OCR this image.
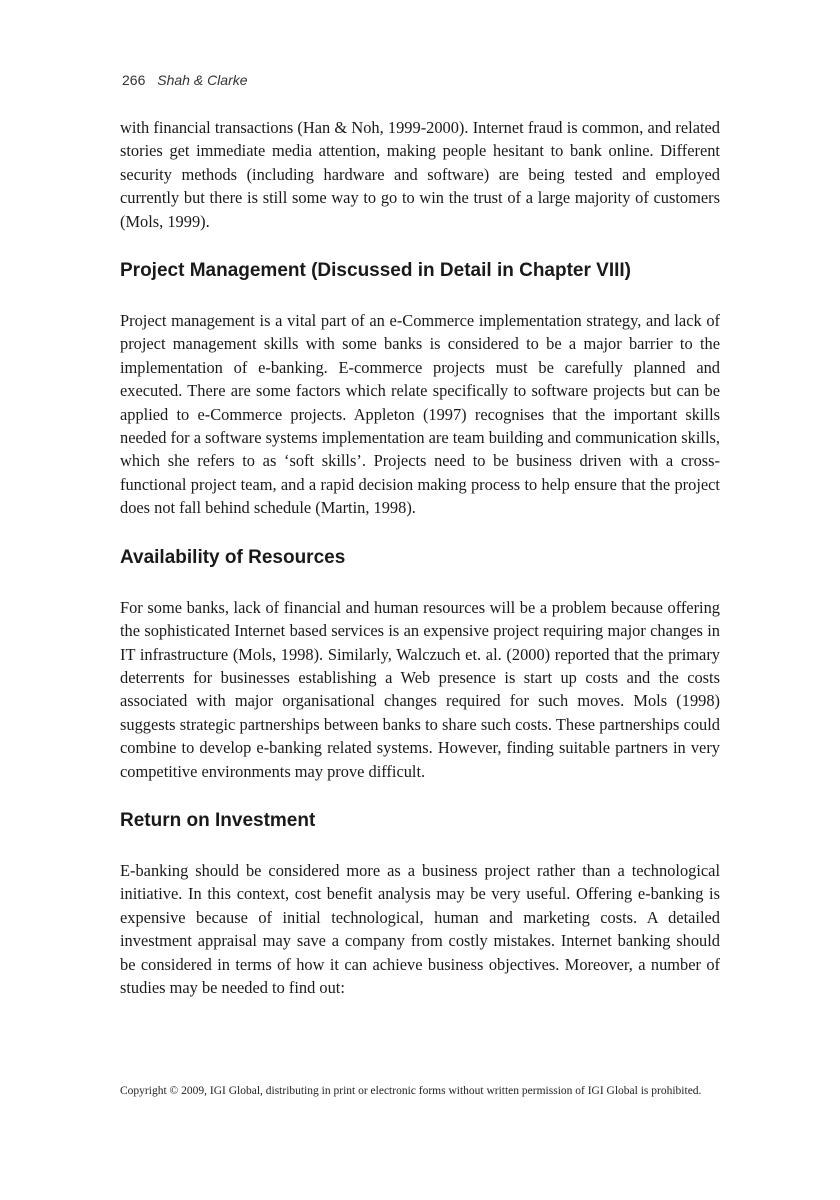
266 Shah & Clarke

with financial transactions (Han & Noh, 1999-2000). Internet fraud is common, and related stories get immediate media attention, making people hesitant to bank online. Different security methods (including hardware and software) are being tested and employed currently but there is still some way to go to win the trust of a large majority of customers (Mols, 1999).

Project Management (Discussed in Detail in Chapter VIII)

Project management is a vital part of an e-Commerce implementation strategy, and lack of project management skills with some banks is considered to be a major barrier to the implementation of e-banking. E-commerce projects must be carefully planned and executed. There are some factors which relate specifically to software projects but can be applied to e-Commerce projects. Appleton (1997) recognises that the important skills needed for a software systems implementation are team building and communication skills, which she refers to as ‘soft skills’. Projects need to be business driven with a cross-functional project team, and a rapid decision making process to help ensure that the project does not fall behind schedule (Martin, 1998).

Availability of Resources

For some banks, lack of financial and human resources will be a problem because offering the sophisticated Internet based services is an expensive project requiring major changes in IT infrastructure (Mols, 1998). Similarly, Walczuch et. al. (2000) reported that the primary deterrents for businesses establishing a Web presence is start up costs and the costs associated with major organisational changes required for such moves. Mols (1998) suggests strategic partnerships between banks to share such costs. These partnerships could combine to develop e-banking related systems. However, finding suitable partners in very competitive environments may prove difficult.

Return on Investment

E-banking should be considered more as a business project rather than a technological initiative. In this context, cost benefit analysis may be very useful. Offering e-banking is expensive because of initial technological, human and marketing costs. A detailed investment appraisal may save a company from costly mistakes. Internet banking should be considered in terms of how it can achieve business objectives. Moreover, a number of studies may be needed to find out:

Copyright © 2009, IGI Global, distributing in print or electronic forms without written permission of IGI Global is prohibited.
